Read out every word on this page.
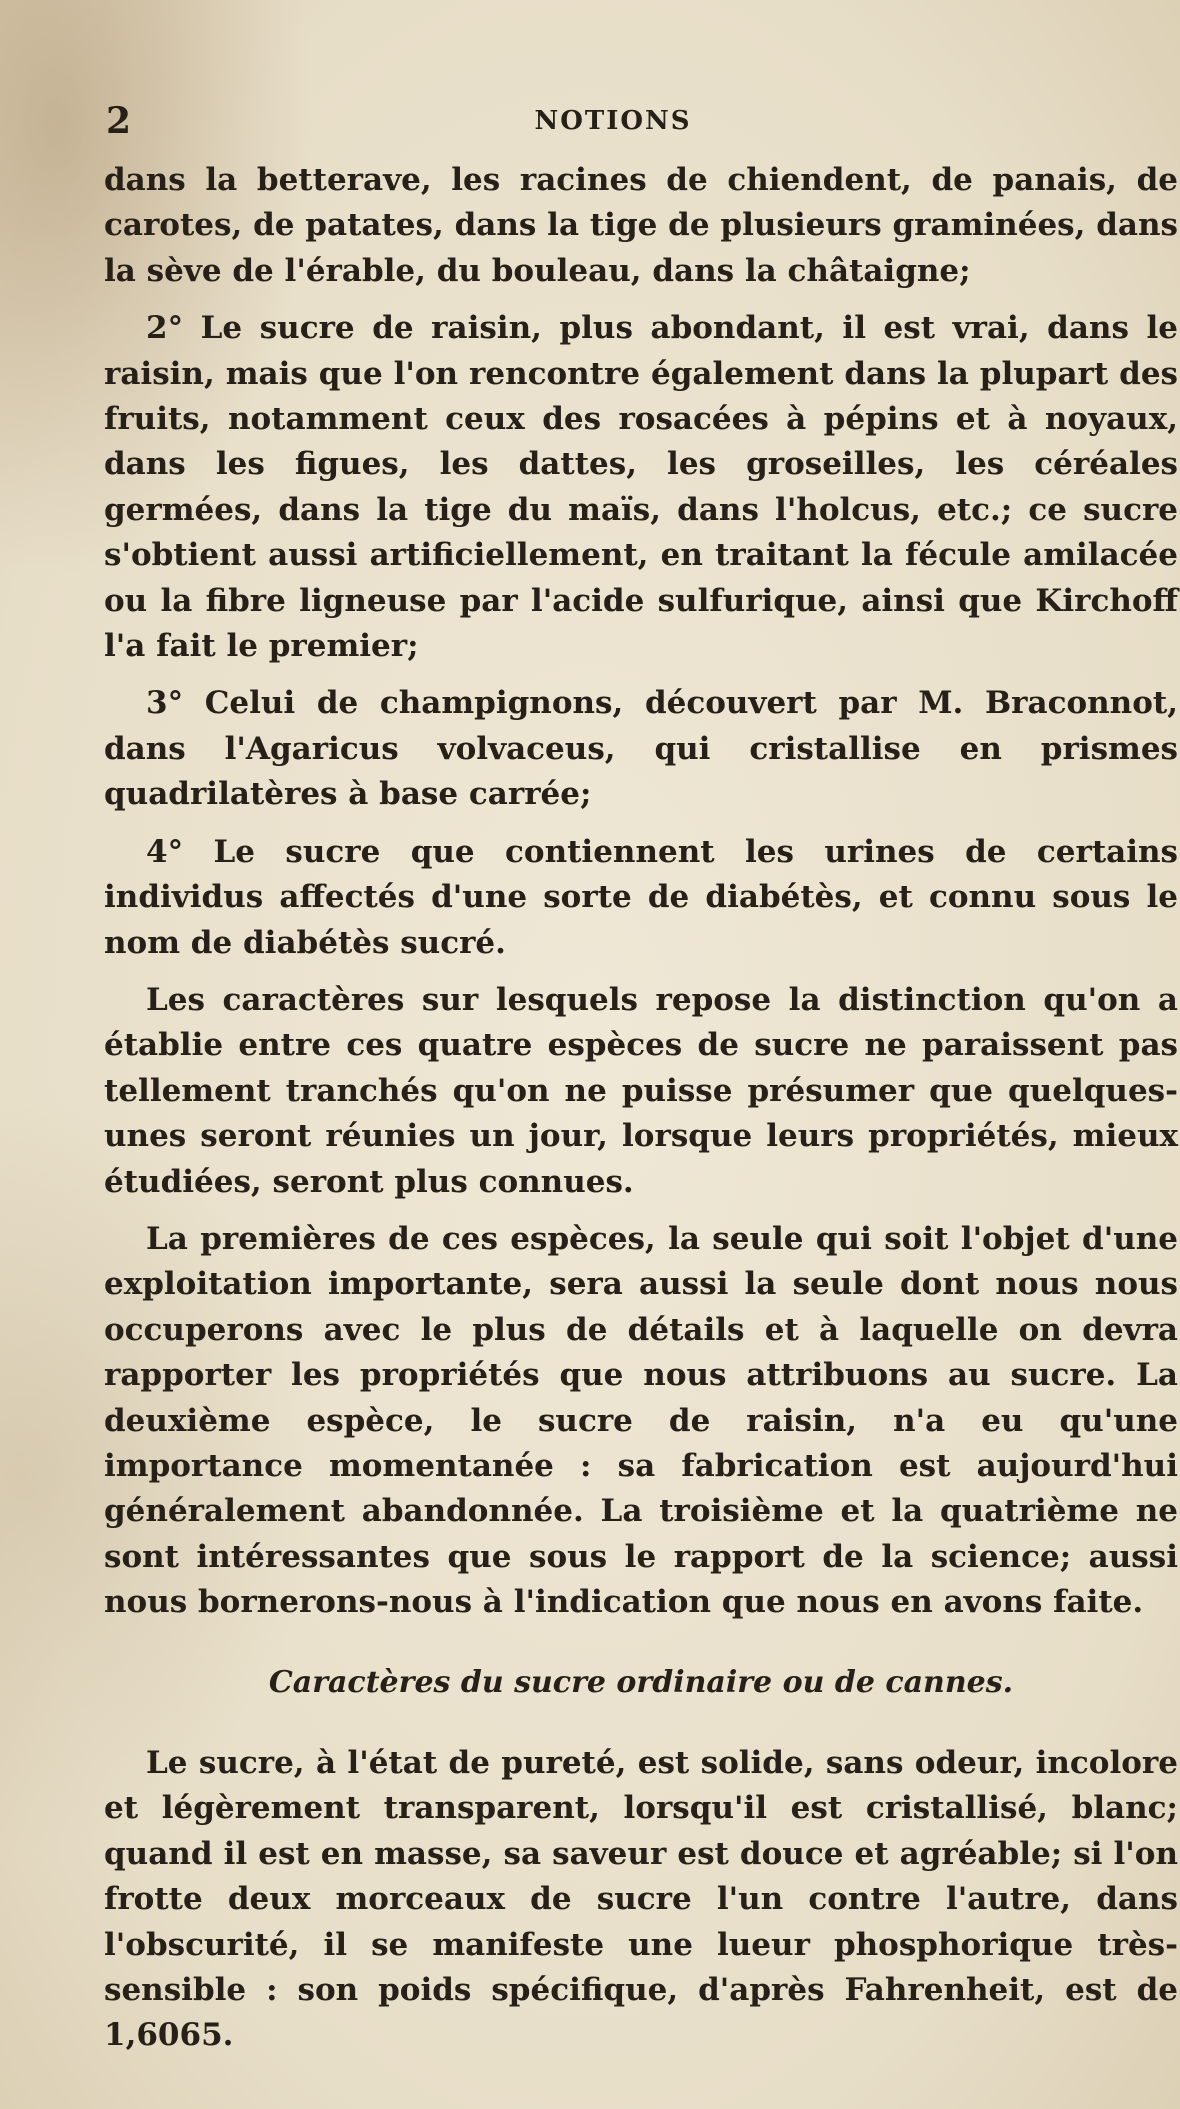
2	NOTIONS

dans la betterave, les racines de chiendent, de panais, de carotes, de patates, dans la tige de plusieurs graminées, dans la sève de l'érable, du bouleau, dans la châtaigne;

2° Le sucre de raisin, plus abondant, il est vrai, dans le raisin, mais que l'on rencontre également dans la plupart des fruits, notamment ceux des rosacées à pépins et à noyaux, dans les figues, les dattes, les groseilles, les céréales germées, dans la tige du maïs, dans l'holcus, etc.; ce sucre s'obtient aussi artificiellement, en traitant la fécule amilacée ou la fibre ligneuse par l'acide sulfurique, ainsi que Kirchoff l'a fait le premier;

3° Celui de champignons, découvert par M. Braconnot, dans l'Agaricus volvaceus, qui cristallise en prismes quadrilatères à base carrée;

4° Le sucre que contiennent les urines de certains individus affectés d'une sorte de diabétès, et connu sous le nom de diabétès sucré.

Les caractères sur lesquels repose la distinction qu'on a établie entre ces quatre espèces de sucre ne paraissent pas tellement tranchés qu'on ne puisse présumer que quelques-unes seront réunies un jour, lorsque leurs propriétés, mieux étudiées, seront plus connues.

La premières de ces espèces, la seule qui soit l'objet d'une exploitation importante, sera aussi la seule dont nous nous occuperons avec le plus de détails et à laquelle on devra rapporter les propriétés que nous attribuons au sucre. La deuxième espèce, le sucre de raisin, n'a eu qu'une importance momentanée : sa fabrication est aujourd'hui généralement abandonnée. La troisième et la quatrième ne sont intéressantes que sous le rapport de la science; aussi nous bornerons-nous à l'indication que nous en avons faite.

Caractères du sucre ordinaire ou de cannes.

Le sucre, à l'état de pureté, est solide, sans odeur, incolore et légèrement transparent, lorsqu'il est cristallisé, blanc; quand il est en masse, sa saveur est douce et agréable; si l'on frotte deux morceaux de sucre l'un contre l'autre, dans l'obscurité, il se manifeste une lueur phosphorique très-sensible : son poids spécifique, d'après Fahrenheit, est de 1,6065.
